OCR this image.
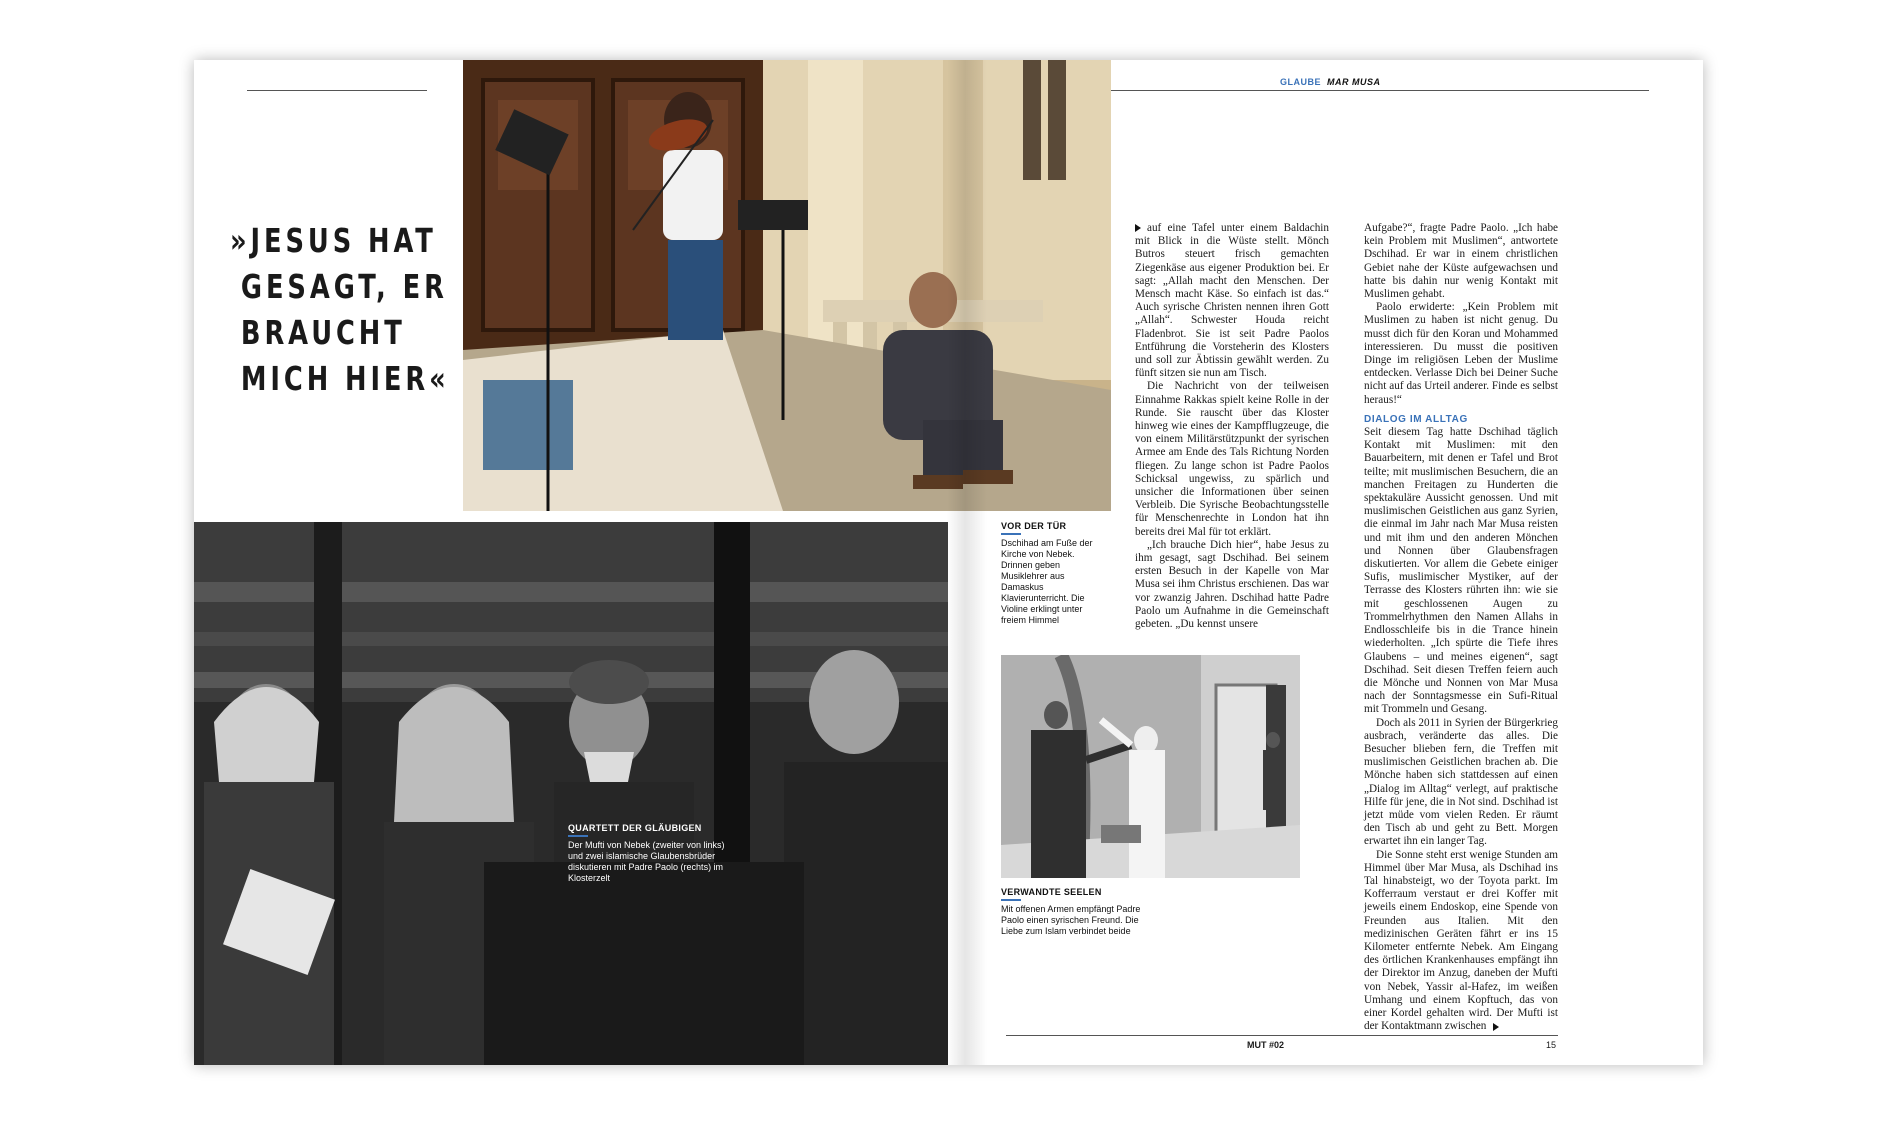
GLAUBE MAR MUSA
»JESUS HAT
GESAGT, ER
BRAUCHT
MICH HIER«
QUARTETT DER GLÄUBIGEN
Der Mufti von Nebek (zweiter von links) und zwei islamische Glaubensbrüder diskutieren mit Padre Paolo (rechts) im Klosterzelt
VOR DER TÜR
Dschihad am Fuße der Kirche von Nebek. Drinnen geben Musiklehrer aus Damaskus Klavierunterricht. Die Violine erklingt unter freiem Himmel
VERWANDTE SEELEN
Mit offenen Armen empfängt Padre Paolo einen syrischen Freund. Die Liebe zum Islam verbindet beide

auf eine Tafel unter einem Baldachin mit Blick in die Wüste stellt. Mönch Butros steuert frisch gemachten Ziegenkäse aus eigener Produktion bei. Er sagt: „Allah macht den Menschen. Der Mensch macht Käse. So einfach ist das.“ Auch syrische Christen nennen ihren Gott „Allah“. Schwester Houda reicht Fladenbrot. Sie ist seit Padre Paolos Entführung die Vorsteherin des Klosters und soll zur Äbtissin gewählt werden. Zu fünft sitzen sie nun am Tisch.

Die Nachricht von der teilweisen Einnahme Rakkas spielt keine Rolle in der Runde. Sie rauscht über das Kloster hinweg wie eines der Kampfflugzeuge, die von einem Militärstützpunkt der syrischen Armee am Ende des Tals Richtung Norden fliegen. Zu lange schon ist Padre Paolos Schicksal ungewiss, zu spärlich und unsicher die Informationen über seinen Verbleib. Die Syrische Beobachtungsstelle für Menschenrechte in London hat ihn bereits drei Mal für tot erklärt.

„Ich brauche Dich hier“, habe Jesus zu ihm gesagt, sagt Dschihad. Bei seinem ersten Besuch in der Kapelle von Mar Musa sei ihm Christus erschienen. Das war vor zwanzig Jahren. Dschihad hatte Padre Paolo um Aufnahme in die Gemeinschaft gebeten. „Du kennst unsere

Aufgabe?“, fragte Padre Paolo. „Ich habe kein Problem mit Muslimen“, antwortete Dschihad. Er war in einem christlichen Gebiet nahe der Küste aufgewachsen und hatte bis dahin nur wenig Kontakt mit Muslimen gehabt.

Paolo erwiderte: „Kein Problem mit Muslimen zu haben ist nicht genug. Du musst dich für den Koran und Mohammed interessieren. Du musst die positiven Dinge im religiösen Leben der Muslime entdecken. Verlasse Dich bei Deiner Suche nicht auf das Urteil anderer. Finde es selbst heraus!“

DIALOG IM ALLTAG

Seit diesem Tag hatte Dschihad täglich Kontakt mit Muslimen: mit den Bauarbeitern, mit denen er Tafel und Brot teilte; mit muslimischen Besuchern, die an manchen Freitagen zu Hunderten die spektakuläre Aussicht genossen. Und mit muslimischen Geistlichen aus ganz Syrien, die einmal im Jahr nach Mar Musa reisten und mit ihm und den anderen Mönchen und Nonnen über Glaubensfragen diskutierten. Vor allem die Gebete einiger Sufis, muslimischer Mystiker, auf der Terrasse des Klosters rührten ihn: wie sie mit geschlossenen Augen zu Trommelrhythmen den Namen Allahs in Endlosschleife bis in die Trance hinein wiederholten. „Ich spürte die Tiefe ihres Glaubens – und meines eigenen“, sagt Dschihad. Seit diesen Treffen feiern auch die Mönche und Nonnen von Mar Musa nach der Sonntagsmesse ein Sufi-Ritual mit Trommeln und Gesang.

Doch als 2011 in Syrien der Bürgerkrieg ausbrach, veränderte das alles. Die Besucher blieben fern, die Treffen mit muslimischen Geistlichen brachen ab. Die Mönche haben sich stattdessen auf einen „Dialog im Alltag“ verlegt, auf praktische Hilfe für jene, die in Not sind. Dschihad ist jetzt müde vom vielen Reden. Er räumt den Tisch ab und geht zu Bett. Morgen erwartet ihn ein langer Tag.

Die Sonne steht erst wenige Stunden am Himmel über Mar Musa, als Dschihad ins Tal hinabsteigt, wo der Toyota parkt. Im Kofferraum verstaut er drei Koffer mit jeweils einem Endoskop, eine Spende von Freunden aus Italien. Mit den medizinischen Geräten fährt er ins 15 Kilometer entfernte Nebek. Am Eingang des örtlichen Krankenhauses empfängt ihn der Direktor im Anzug, daneben der Mufti von Nebek, Yassir al-Hafez, im weißen Umhang und einem Kopftuch, das von einer Kordel gehalten wird. Der Mufti ist der Kontaktmann zwischen

MUT #02	15
